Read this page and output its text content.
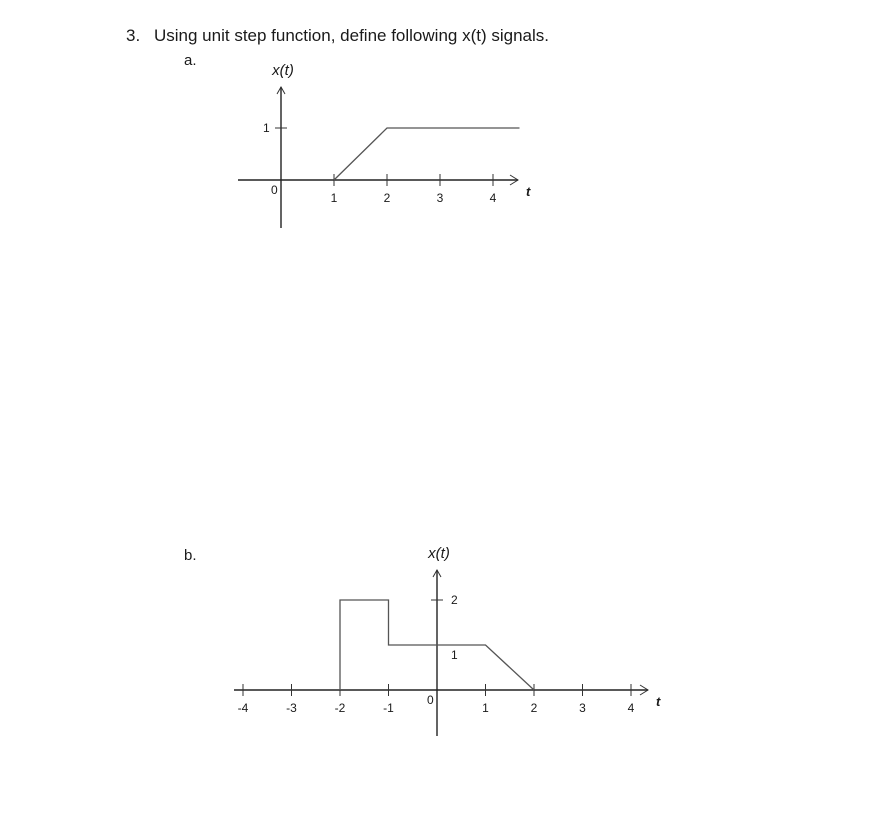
3. Using unit step function, define following x(t) signals.
a.
b.
x(t)
t
0
1	2	3	4
1
x(t)
t
0
-4	-3	-2	-1	1	2	3	4
1
2
